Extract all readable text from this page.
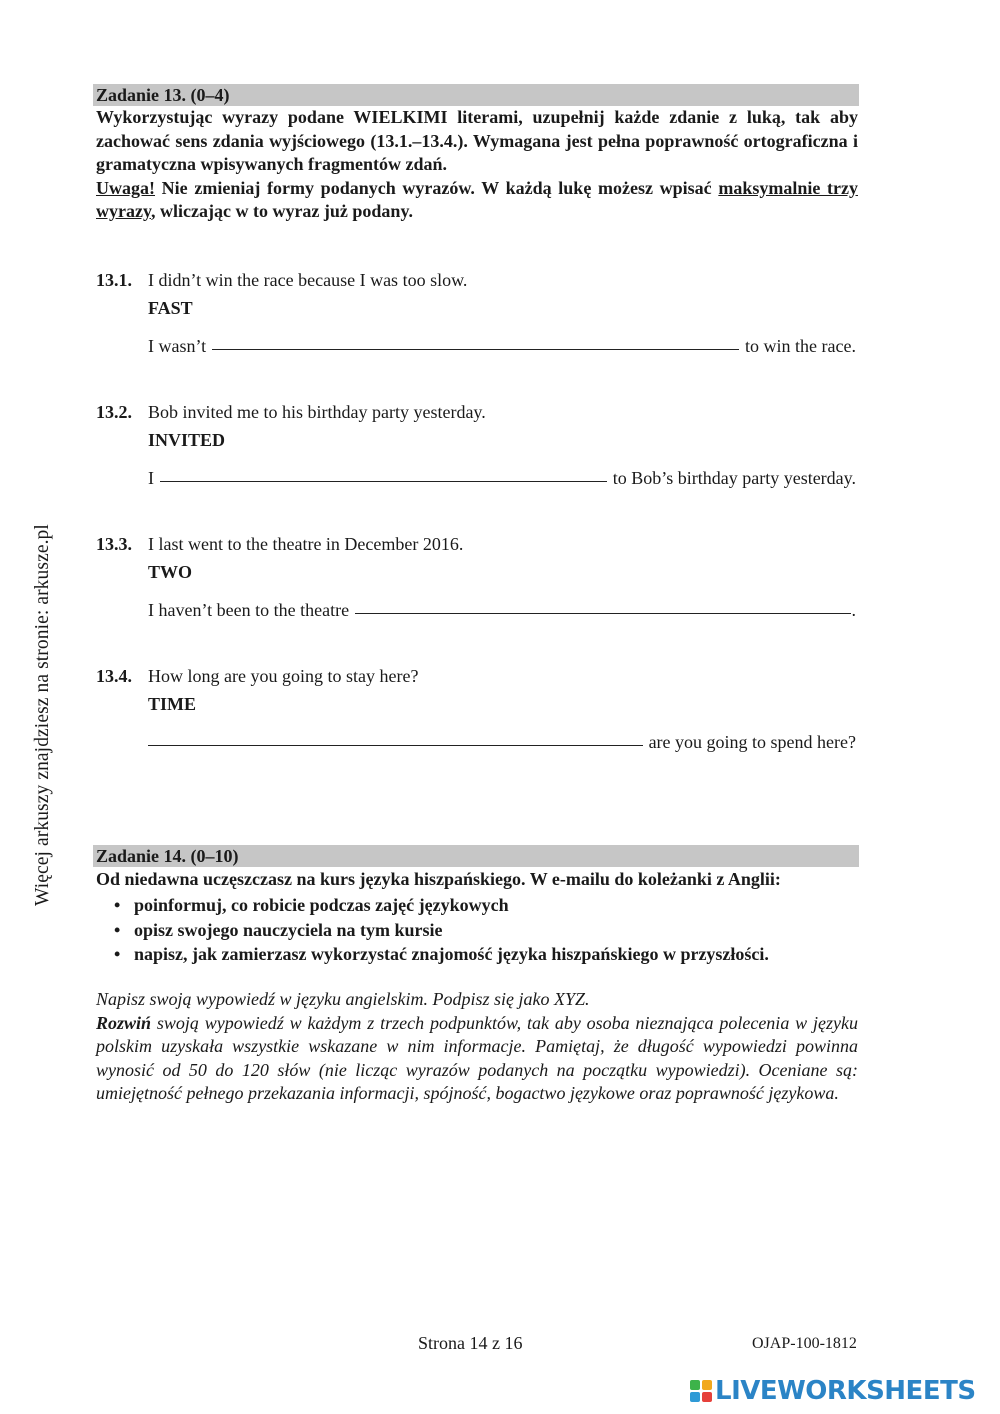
Więcej arkuszy znajdziesz na stronie: arkusze.pl
Zadanie 13. (0–4)

Wykorzystując wyrazy podane WIELKIMI literami, uzupełnij każde zdanie z luką, tak aby zachować sens zdania wyjściowego (13.1.–13.4.). Wymagana jest pełna poprawność ortograficzna i gramatyczna wpisywanych fragmentów zdań.

Uwaga! Nie zmieniaj formy podanych wyrazów. W każdą lukę możesz wpisać maksymalnie trzy wyrazy, wliczając w to wyraz już podany.

13.1. I didn’t win the race because I was too slow.
FAST
I wasn’t	to win the race.
13.2. Bob invited me to his birthday party yesterday.
INVITED
I	to Bob’s birthday party yesterday.
13.3. I last went to the theatre in December 2016.
TWO
I haven’t been to the theatre	.
13.4. How long are you going to stay here?
TIME
are you going to spend here?
Zadanie 14. (0–10)
Od niedawna uczęszczasz na kurs języka hiszpańskiego. W e-mailu do koleżanki z Anglii:
• poinformuj, co robicie podczas zajęć językowych
• opisz swojego nauczyciela na tym kursie
• napisz, jak zamierzasz wykorzystać znajomość języka hiszpańskiego w przyszłości.

Napisz swoją wypowiedź w języku angielskim. Podpisz się jako XYZ.

Rozwiń swoją wypowiedź w każdym z trzech podpunktów, tak aby osoba nieznająca polecenia w języku polskim uzyskała wszystkie wskazane w nim informacje. Pamiętaj, że długość wypowiedzi powinna wynosić od 50 do 120 słów (nie licząc wyrazów podanych na początku wypowiedzi). Oceniane są: umiejętność pełnego przekazania informacji, spójność, bogactwo językowe oraz poprawność językowa.

Strona 14 z 16	OJAP-100-1812
LIVEWORKSHEETS
